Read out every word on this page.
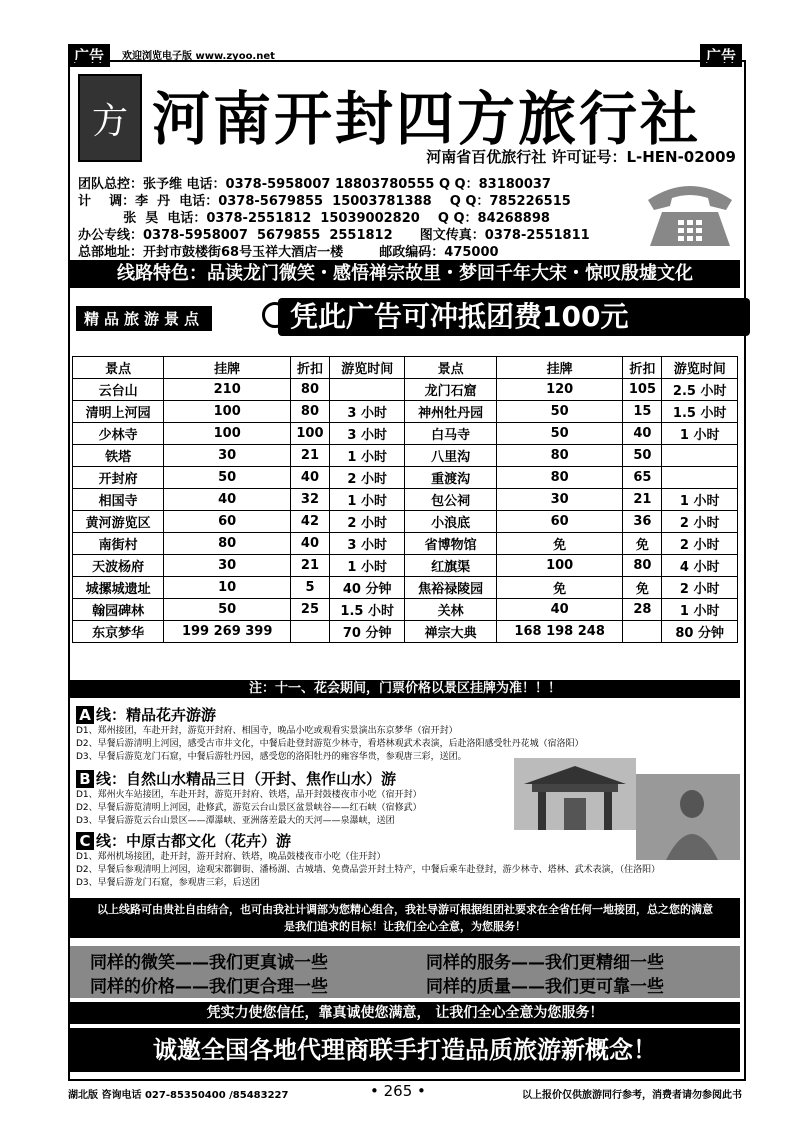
广告	欢迎浏览电子版 www.zyoo.net	广告
方 河南开封四方旅行社
河南省百优旅行社 许可证号：L-HEN-02009
团队总控：张予维 电话：0378-5958007 18803780555 Q Q：83180037
计    调：李  丹  电话：0378-5679855  15003781388    Q Q：785226515
张  昊  电话：0378-2551812  15039002820    Q Q：84268898
办公专线：0378-5958007  5679855  2551812      图文传真：0378-2551811
总部地址：开封市鼓楼街68号玉祥大酒店一楼        邮政编码：475000
线路特色：品读龙门微笑・感悟禅宗故里・梦回千年大宋・惊叹殷墟文化
精品旅游景点	凭此广告可冲抵团费100元
景点	挂牌	折扣	游览时间	景点	挂牌	折扣	游览时间
云台山	210	80		龙门石窟	120	105	2.5 小时
清明上河园	100	80	3 小时	神州牡丹园	50	15	1.5 小时
少林寺	100	100	3 小时	白马寺	50	40	1 小时
铁塔	30	21	1 小时	八里沟	80	50	
开封府	50	40	2 小时	重渡沟	80	65	
相国寺	40	32	1 小时	包公祠	30	21	1 小时
黄河游览区	60	42	2 小时	小浪底	60	36	2 小时
南街村	80	40	3 小时	省博物馆	免	免	2 小时
天波杨府	30	21	1 小时	红旗渠	100	80	4 小时
城摞城遗址	10	5	40 分钟	焦裕禄陵园	免	免	2 小时
翰园碑林	50	25	1.5 小时	关林	40	28	1 小时
东京梦华	199 269 399		70 分钟	禅宗大典	168 198 248		80 分钟
注：十一、花会期间，门票价格以景区挂牌为准！！！
A 线：精品花卉游游
D1、郑州接团，车赴开封，游览开封府、相国寺，晚品小吃或观看实景演出东京梦华（宿开封）
D2、早餐后游清明上河园，感受古市井文化，中餐后赴登封游览少林寺，看塔林观武术表演，后赴洛阳感受牡丹花城（宿洛阳）
D3、早餐后游览龙门石窟，中餐后游牡丹园，感受您的洛阳牡丹的雍容华贵，参观唐三彩，送团。
B 线：自然山水精品三日（开封、焦作山水）游
D1、郑州火车站接团，车赴开封，游览开封府、铁塔，品开封鼓楼夜市小吃（宿开封）
D2、早餐后游览清明上河园，赴修武，游览云台山景区盆景峡谷——红石峡（宿修武）
D3、早餐后游览云台山景区——潭瀑峡、亚洲落差最大的天河——泉瀑峡，送团
C 线：中原古都文化（花卉）游
D1、郑州机场接团，赴开封，游开封府、铁塔，晚品鼓楼夜市小吃（住开封）
D2、早餐后参观清明上河园，途观宋都御街、潘杨湖、古城墙、免费品尝开封土特产，中餐后乘车赴登封，游少林寺、塔林、武术表演，（住洛阳）
D3、早餐后游龙门石窟，参观唐三彩，后送团
以上线路可由贵社自由结合，也可由我社计调部为您精心组合，我社导游可根据组团社要求在全省任何一地接团，总之您的满意是我们追求的目标！让我们全心全意，为您服务！
同样的微笑——我们更真诚一些	同样的服务——我们更精细一些
同样的价格——我们更合理一些	同样的质量——我们更可靠一些
凭实力使您信任，靠真诚使您满意， 让我们全心全意为您服务！
诚邀全国各地代理商联手打造品质旅游新概念！
湖北版 咨询电话 027-85350400 /85483227	• 265 •	以上报价仅供旅游同行参考，消费者请勿参阅此书
